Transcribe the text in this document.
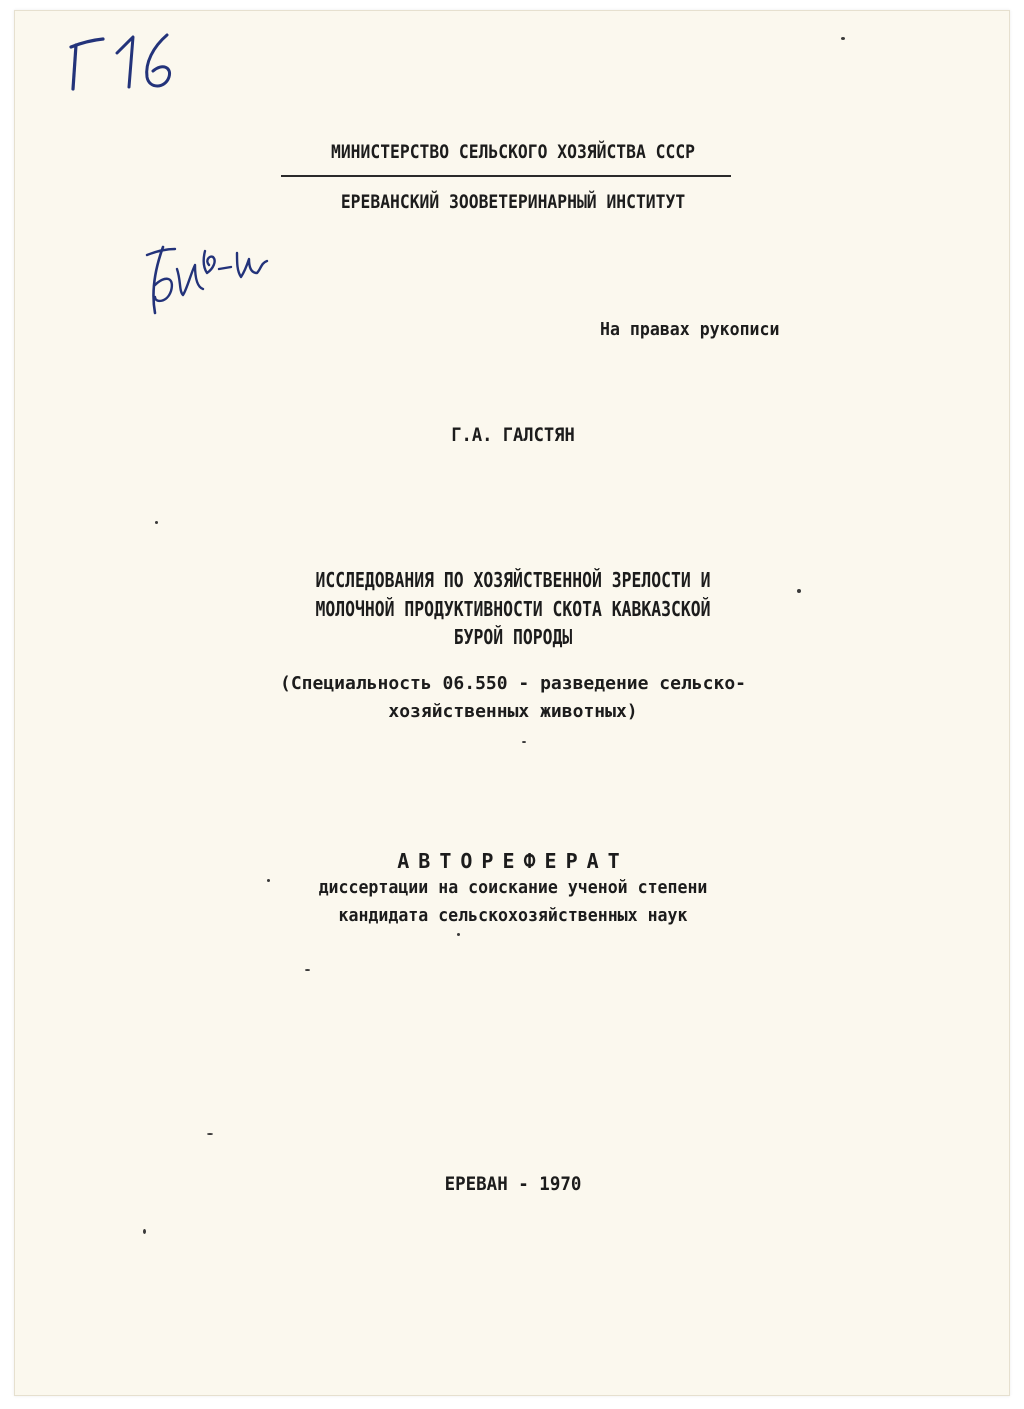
МИНИСТЕРСТВО СЕЛЬСКОГО ХОЗЯЙСТВА СССР
ЕРЕВАНСКИЙ ЗООВЕТЕРИНАРНЫЙ ИНСТИТУТ
На правах рукописи
Г.А. ГАЛСТЯН
ИССЛЕДОВАНИЯ ПО ХОЗЯЙСТВЕННОЙ ЗРЕЛОСТИ И
МОЛОЧНОЙ ПРОДУКТИВНОСТИ СКОТА КАВКАЗСКОЙ
БУРОЙ ПОРОДЫ
(Специальность 06.550 - разведение сельско-
хозяйственных животных)
АВТОРЕФЕРАТ
диссертации на соискание ученой степени
кандидата сельскохозяйственных наук
ЕРЕВАН - 1970
